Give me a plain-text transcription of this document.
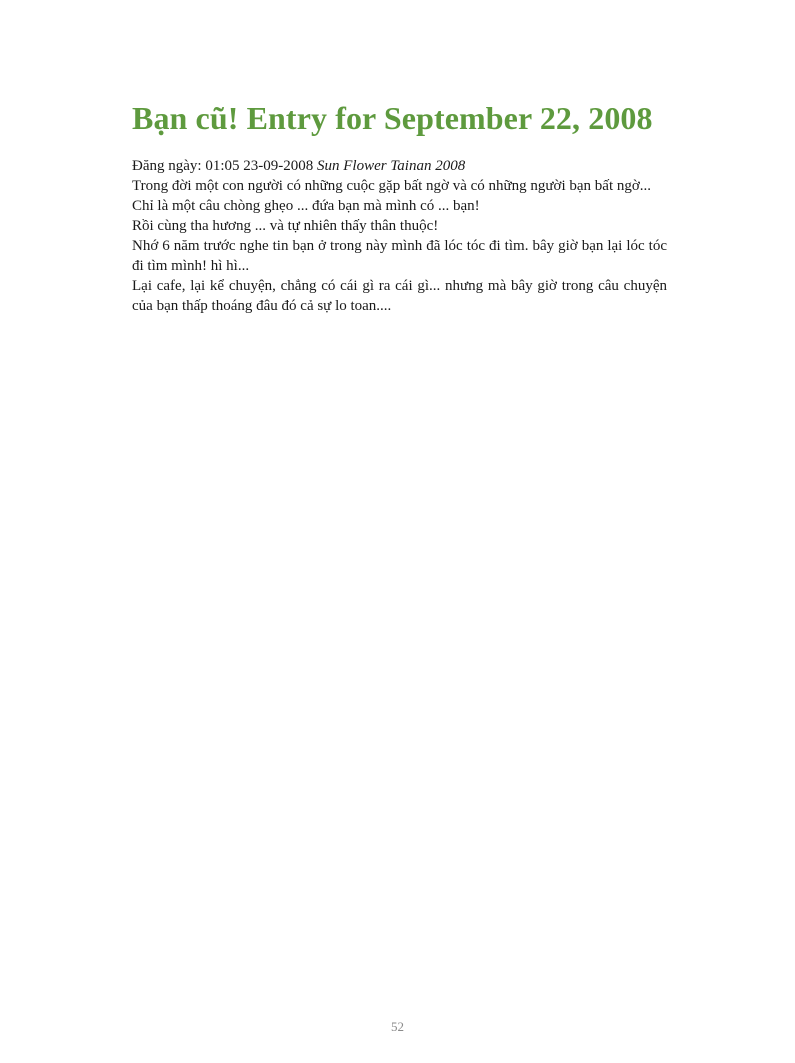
Bạn cũ! Entry for September 22, 2008
Đăng ngày: 01:05 23-09-2008 Sun Flower Tainan 2008

Trong đời một con người có những cuộc gặp bất ngờ và có những người bạn bất ngờ...

Chỉ là một câu chòng ghẹo ... đứa bạn mà mình có ... bạn!

Rồi cùng tha hương ... và tự nhiên thấy thân thuộc!

Nhớ 6 năm trước nghe tin bạn ở trong này mình đã lóc tóc đi tìm. bây giờ bạn lại lóc tóc đi tìm mình! hì hì...

Lại cafe, lại kể chuyện, chẳng có cái gì ra cái gì... nhưng mà bây giờ trong câu chuyện của bạn thấp thoáng đâu đó cả sự lo toan....

52
